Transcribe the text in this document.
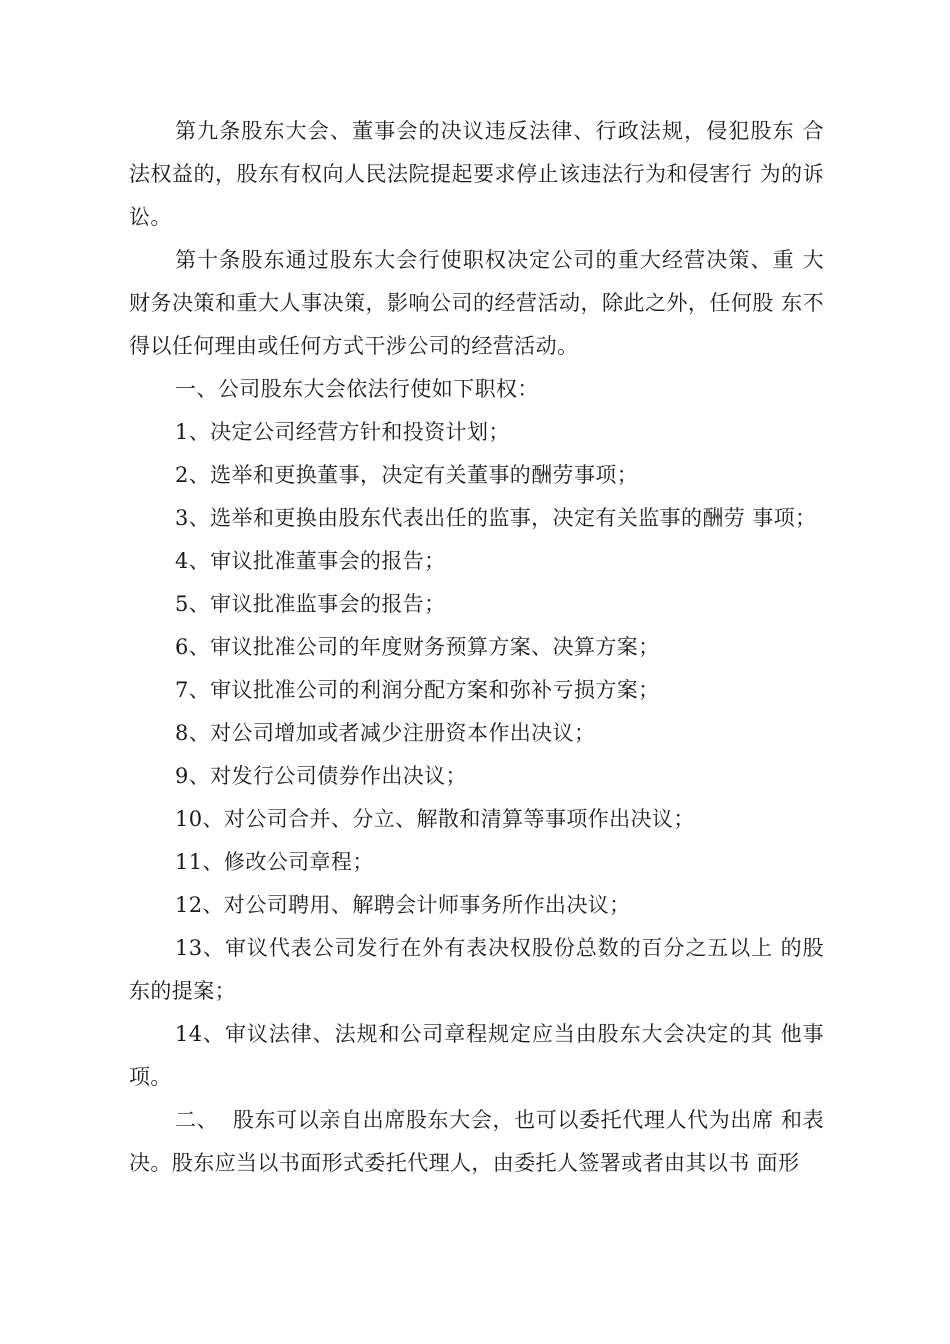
第九条股东大会、董事会的决议违反法律、行政法规，侵犯股东 合法权益的，股东有权向人民法院提起要求停止该违法行为和侵害行 为的诉讼。

第十条股东通过股东大会行使职权决定公司的重大经营决策、重 大财务决策和重大人事决策，影响公司的经营活动，除此之外，任何股 东不得以任何理由或任何方式干涉公司的经营活动。

一、公司股东大会依法行使如下职权：

1、决定公司经营方针和投资计划；

2、选举和更换董事，决定有关董事的酬劳事项；

3、选举和更换由股东代表出任的监事，决定有关监事的酬劳 事项；

4、审议批准董事会的报告；

5、审议批准监事会的报告；

6、审议批准公司的年度财务预算方案、决算方案；

7、审议批准公司的利润分配方案和弥补亏损方案；

8、对公司增加或者减少注册资本作出决议；

9、对发行公司债券作出决议；

10、对公司合并、分立、解散和清算等事项作出决议；

11、修改公司章程；

12、对公司聘用、解聘会计师事务所作出决议；

13、审议代表公司发行在外有表决权股份总数的百分之五以上 的股东的提案；

14、审议法律、法规和公司章程规定应当由股东大会决定的其 他事项。

二、  股东可以亲自出席股东大会，也可以委托代理人代为出席 和表决。股东应当以书面形式委托代理人，由委托人签署或者由其以书 面形
